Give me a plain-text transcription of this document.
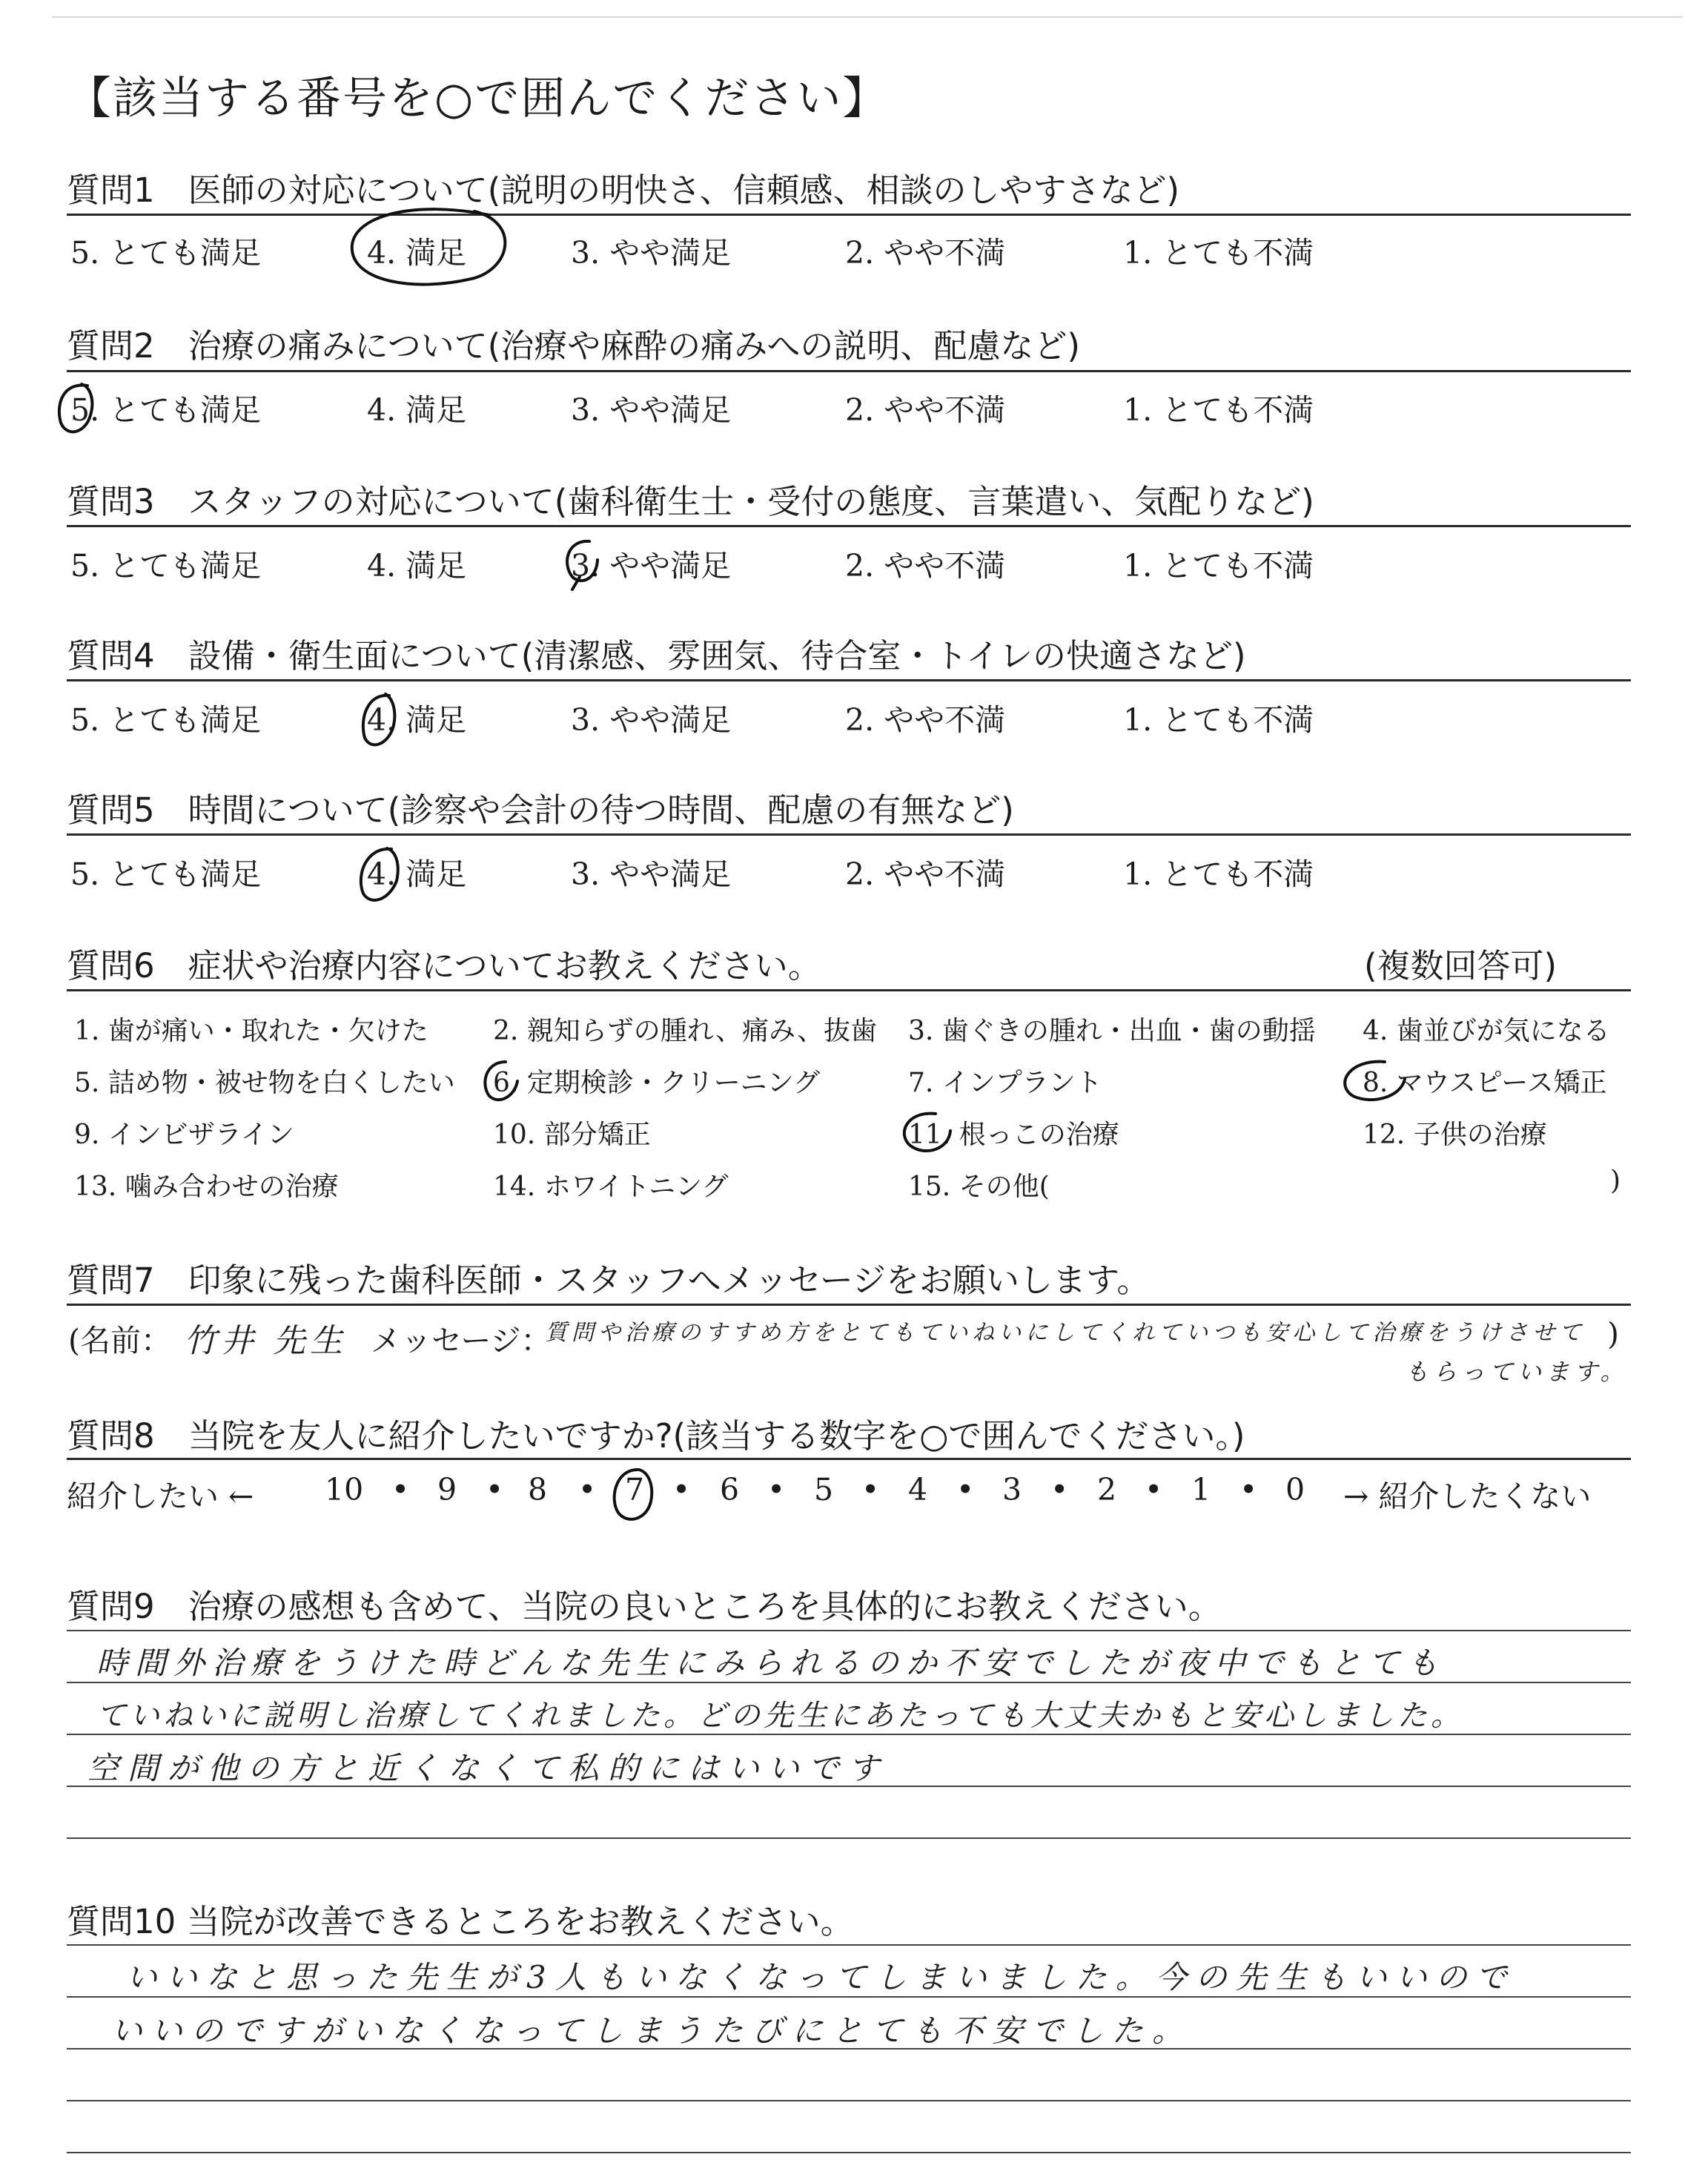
【該当する番号を○で囲んでください】
質問1　医師の対応について(説明の明快さ、信頼感、相談のしやすさなど)
5. とても満足	4. 満足	3. やや満足	2. やや不満	1. とても不満
質問2　治療の痛みについて(治療や麻酔の痛みへの説明、配慮など)
5. とても満足	4. 満足	3. やや満足	2. やや不満	1. とても不満
質問3　スタッフの対応について(歯科衛生士・受付の態度、言葉遣い、気配りなど)
5. とても満足	4. 満足	3. やや満足	2. やや不満	1. とても不満
質問4　設備・衛生面について(清潔感、雰囲気、待合室・トイレの快適さなど)
5. とても満足	4. 満足	3. やや満足	2. やや不満	1. とても不満
質問5　時間について(診察や会計の待つ時間、配慮の有無など)
5. とても満足	4. 満足	3. やや満足	2. やや不満	1. とても不満
質問6　症状や治療内容についてお教えください。	(複数回答可)
1. 歯が痛い・取れた・欠けた 2. 親知らずの腫れ、痛み、抜歯 3. 歯ぐきの腫れ・出血・歯の動揺 4. 歯並びが気になる
5. 詰め物・被せ物を白くしたい 6. 定期検診・クリーニング	7. インプラント	8. マウスピース矯正
9. インビザライン	10. 部分矯正	11. 根っこの治療	12. 子供の治療
13. 噛み合わせの治療	14. ホワイトニング	15. その他(	)
質問7　印象に残った歯科医師・スタッフへメッセージをお願いします。
(名前： 竹井 先生 メッセージ：
質問や治療のすすめ方をとてもていねいにしてくれていつも安心して治療をうけさせて )
もらっています。
質問8　当院を友人に紹介したいですか?(該当する数字を○で囲んでください。)
紹介したい ← 10 9 8	7 6 5 4 3 2 1 0 → 紹介したくない
•	• •	•	•	•	•	•	•	•
質問9　治療の感想も含めて、当院の良いところを具体的にお教えください。
時間外治療をうけた時どんな先生にみられるのか不安でしたが夜中でもとても
ていねいに説明し治療してくれました。どの先生にあたっても大丈夫かもと安心しました。
空間が他の方と近くなくて私的にはいいです
質問10 当院が改善できるところをお教えください。
いいなと思った先生が3人もいなくなってしまいました。今の先生もいいので
いいのですがいなくなってしまうたびにとても不安でした。
